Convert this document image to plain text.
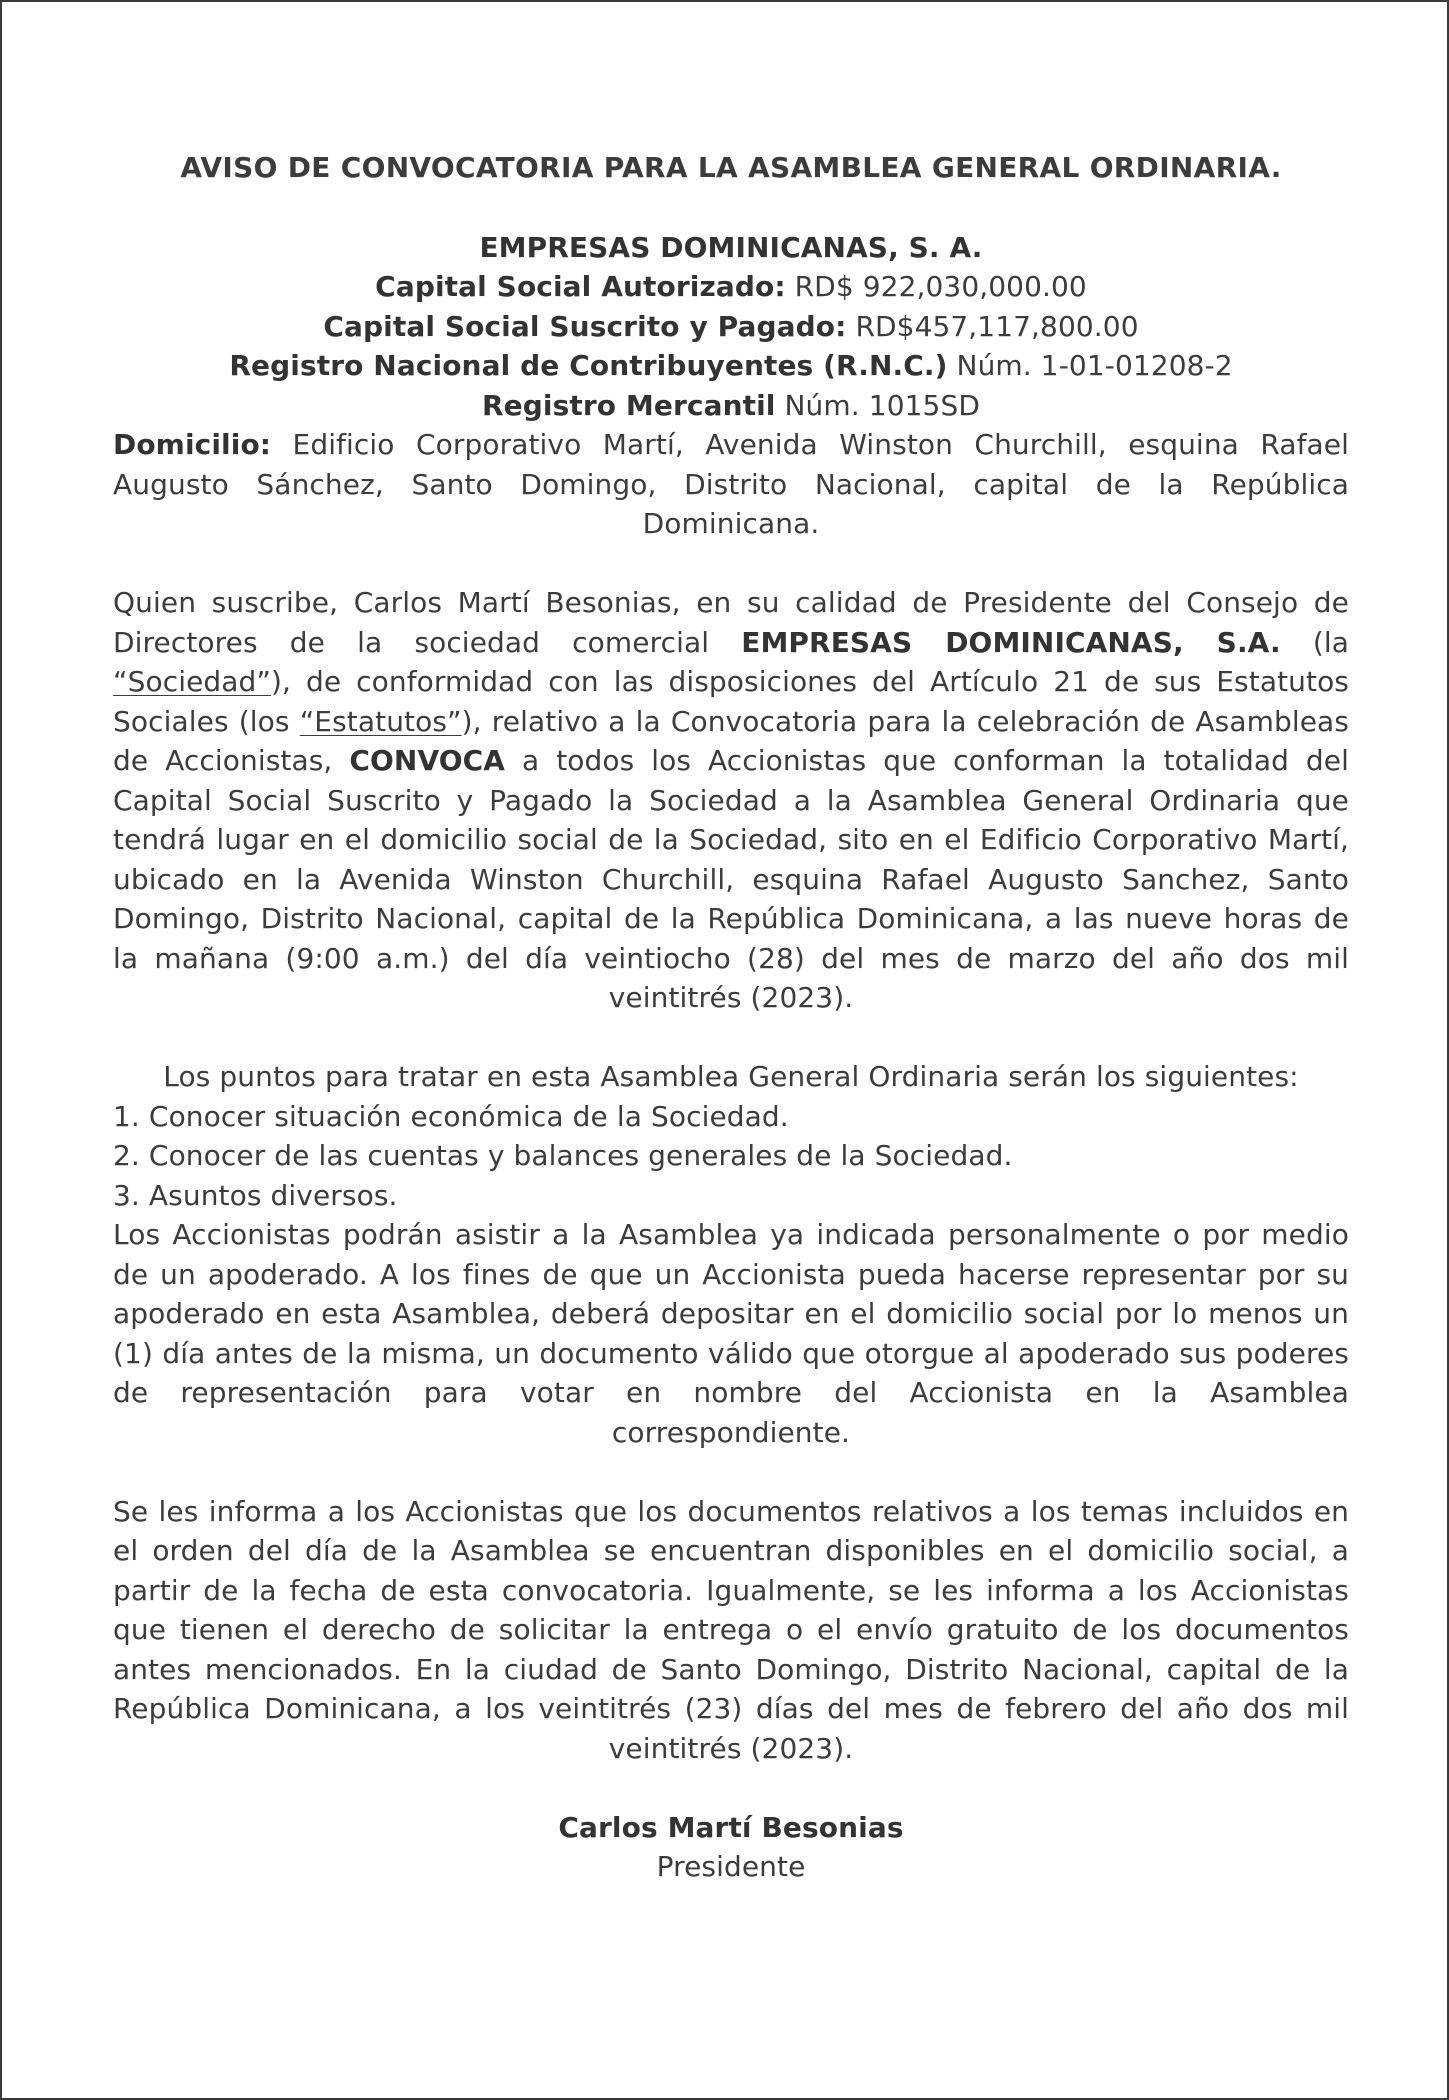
AVISO DE CONVOCATORIA PARA LA ASAMBLEA GENERAL ORDINARIA.

EMPRESAS DOMINICANAS, S. A.

Capital Social Autorizado: RD$ 922,030,000.00

Capital Social Suscrito y Pagado: RD$457,117,800.00

Registro Nacional de Contribuyentes (R.N.C.) Núm. 1-01-01208-2

Registro Mercantil Núm. 1015SD

Domicilio: Edificio Corporativo Martí, Avenida Winston Churchill, esquina Rafael Augusto Sánchez, Santo Domingo, Distrito Nacional, capital de la República Dominicana.

Quien suscribe, Carlos Martí Besonias, en su calidad de Presidente del Consejo de Directores de la sociedad comercial EMPRESAS DOMINICANAS, S.A. (la “Sociedad”), de conformidad con las disposiciones del Artículo 21 de sus Estatutos Sociales (los “Estatutos”), relativo a la Convocatoria para la celebración de Asambleas de Accionistas, CONVOCA a todos los Accionistas que conforman la totalidad del Capital Social Suscrito y Pagado la Sociedad a la Asamblea General Ordinaria que tendrá lugar en el domicilio social de la Sociedad, sito en el Edificio Corporativo Martí, ubicado en la Avenida Winston Churchill, esquina Rafael Augusto Sanchez, Santo Domingo, Distrito Nacional, capital de la República Dominicana, a las nueve horas de la mañana (9:00 a.m.) del día veintiocho (28) del mes de marzo del año dos mil veintitrés (2023).

Los puntos para tratar en esta Asamblea General Ordinaria serán los siguientes:

1. Conocer situación económica de la Sociedad.

2. Conocer de las cuentas y balances generales de la Sociedad.

3. Asuntos diversos.

Los Accionistas podrán asistir a la Asamblea ya indicada personalmente o por medio de un apoderado. A los fines de que un Accionista pueda hacerse representar por su apoderado en esta Asamblea, deberá depositar en el domicilio social por lo menos un (1) día antes de la misma, un documento válido que otorgue al apoderado sus poderes de representación para votar en nombre del Accionista en la Asamblea correspondiente.

Se les informa a los Accionistas que los documentos relativos a los temas incluidos en el orden del día de la Asamblea se encuentran disponibles en el domicilio social, a partir de la fecha de esta convocatoria. Igualmente, se les informa a los Accionistas que tienen el derecho de solicitar la entrega o el envío gratuito de los documentos antes mencionados. En la ciudad de Santo Domingo, Distrito Nacional, capital de la República Dominicana, a los veintitrés (23) días del mes de febrero del año dos mil veintitrés (2023).

Carlos Martí Besonias

Presidente
